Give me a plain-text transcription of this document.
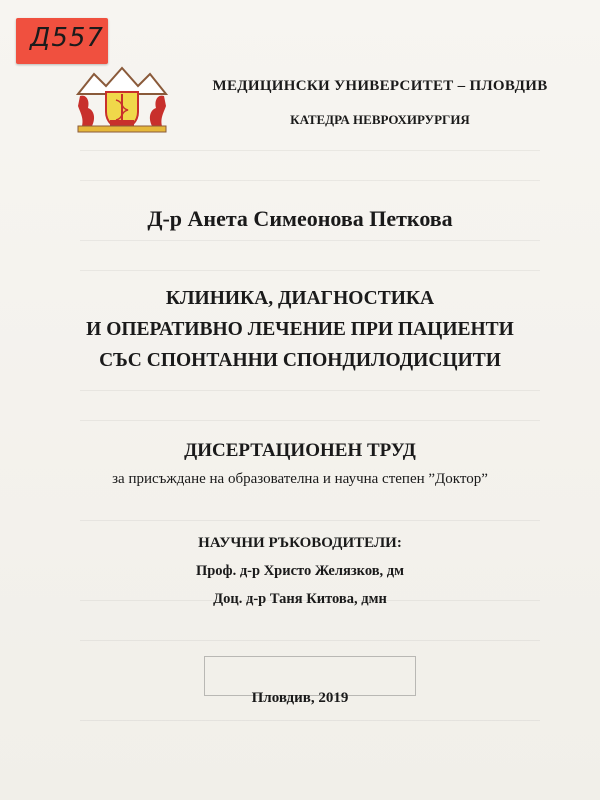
Д557
МЕДИЦИНСКИ УНИВЕРСИТЕТ – ПЛОВДИВ
КАТЕДРА НЕВРОХИРУРГИЯ
Д-р Анета Симеонова Петкова
КЛИНИКА, ДИАГНОСТИКА
И ОПЕРАТИВНО ЛЕЧЕНИЕ ПРИ ПАЦИЕНТИ
СЪС СПОНТАННИ СПОНДИЛОДИСЦИТИ
ДИСЕРТАЦИОНЕН ТРУД
за присъждане на образователна и научна степен ”Доктор”
НАУЧНИ РЪКОВОДИТЕЛИ:
Проф. д-р Христо Желязков, дм
Доц. д-р Таня Китова, дмн
Пловдив, 2019
